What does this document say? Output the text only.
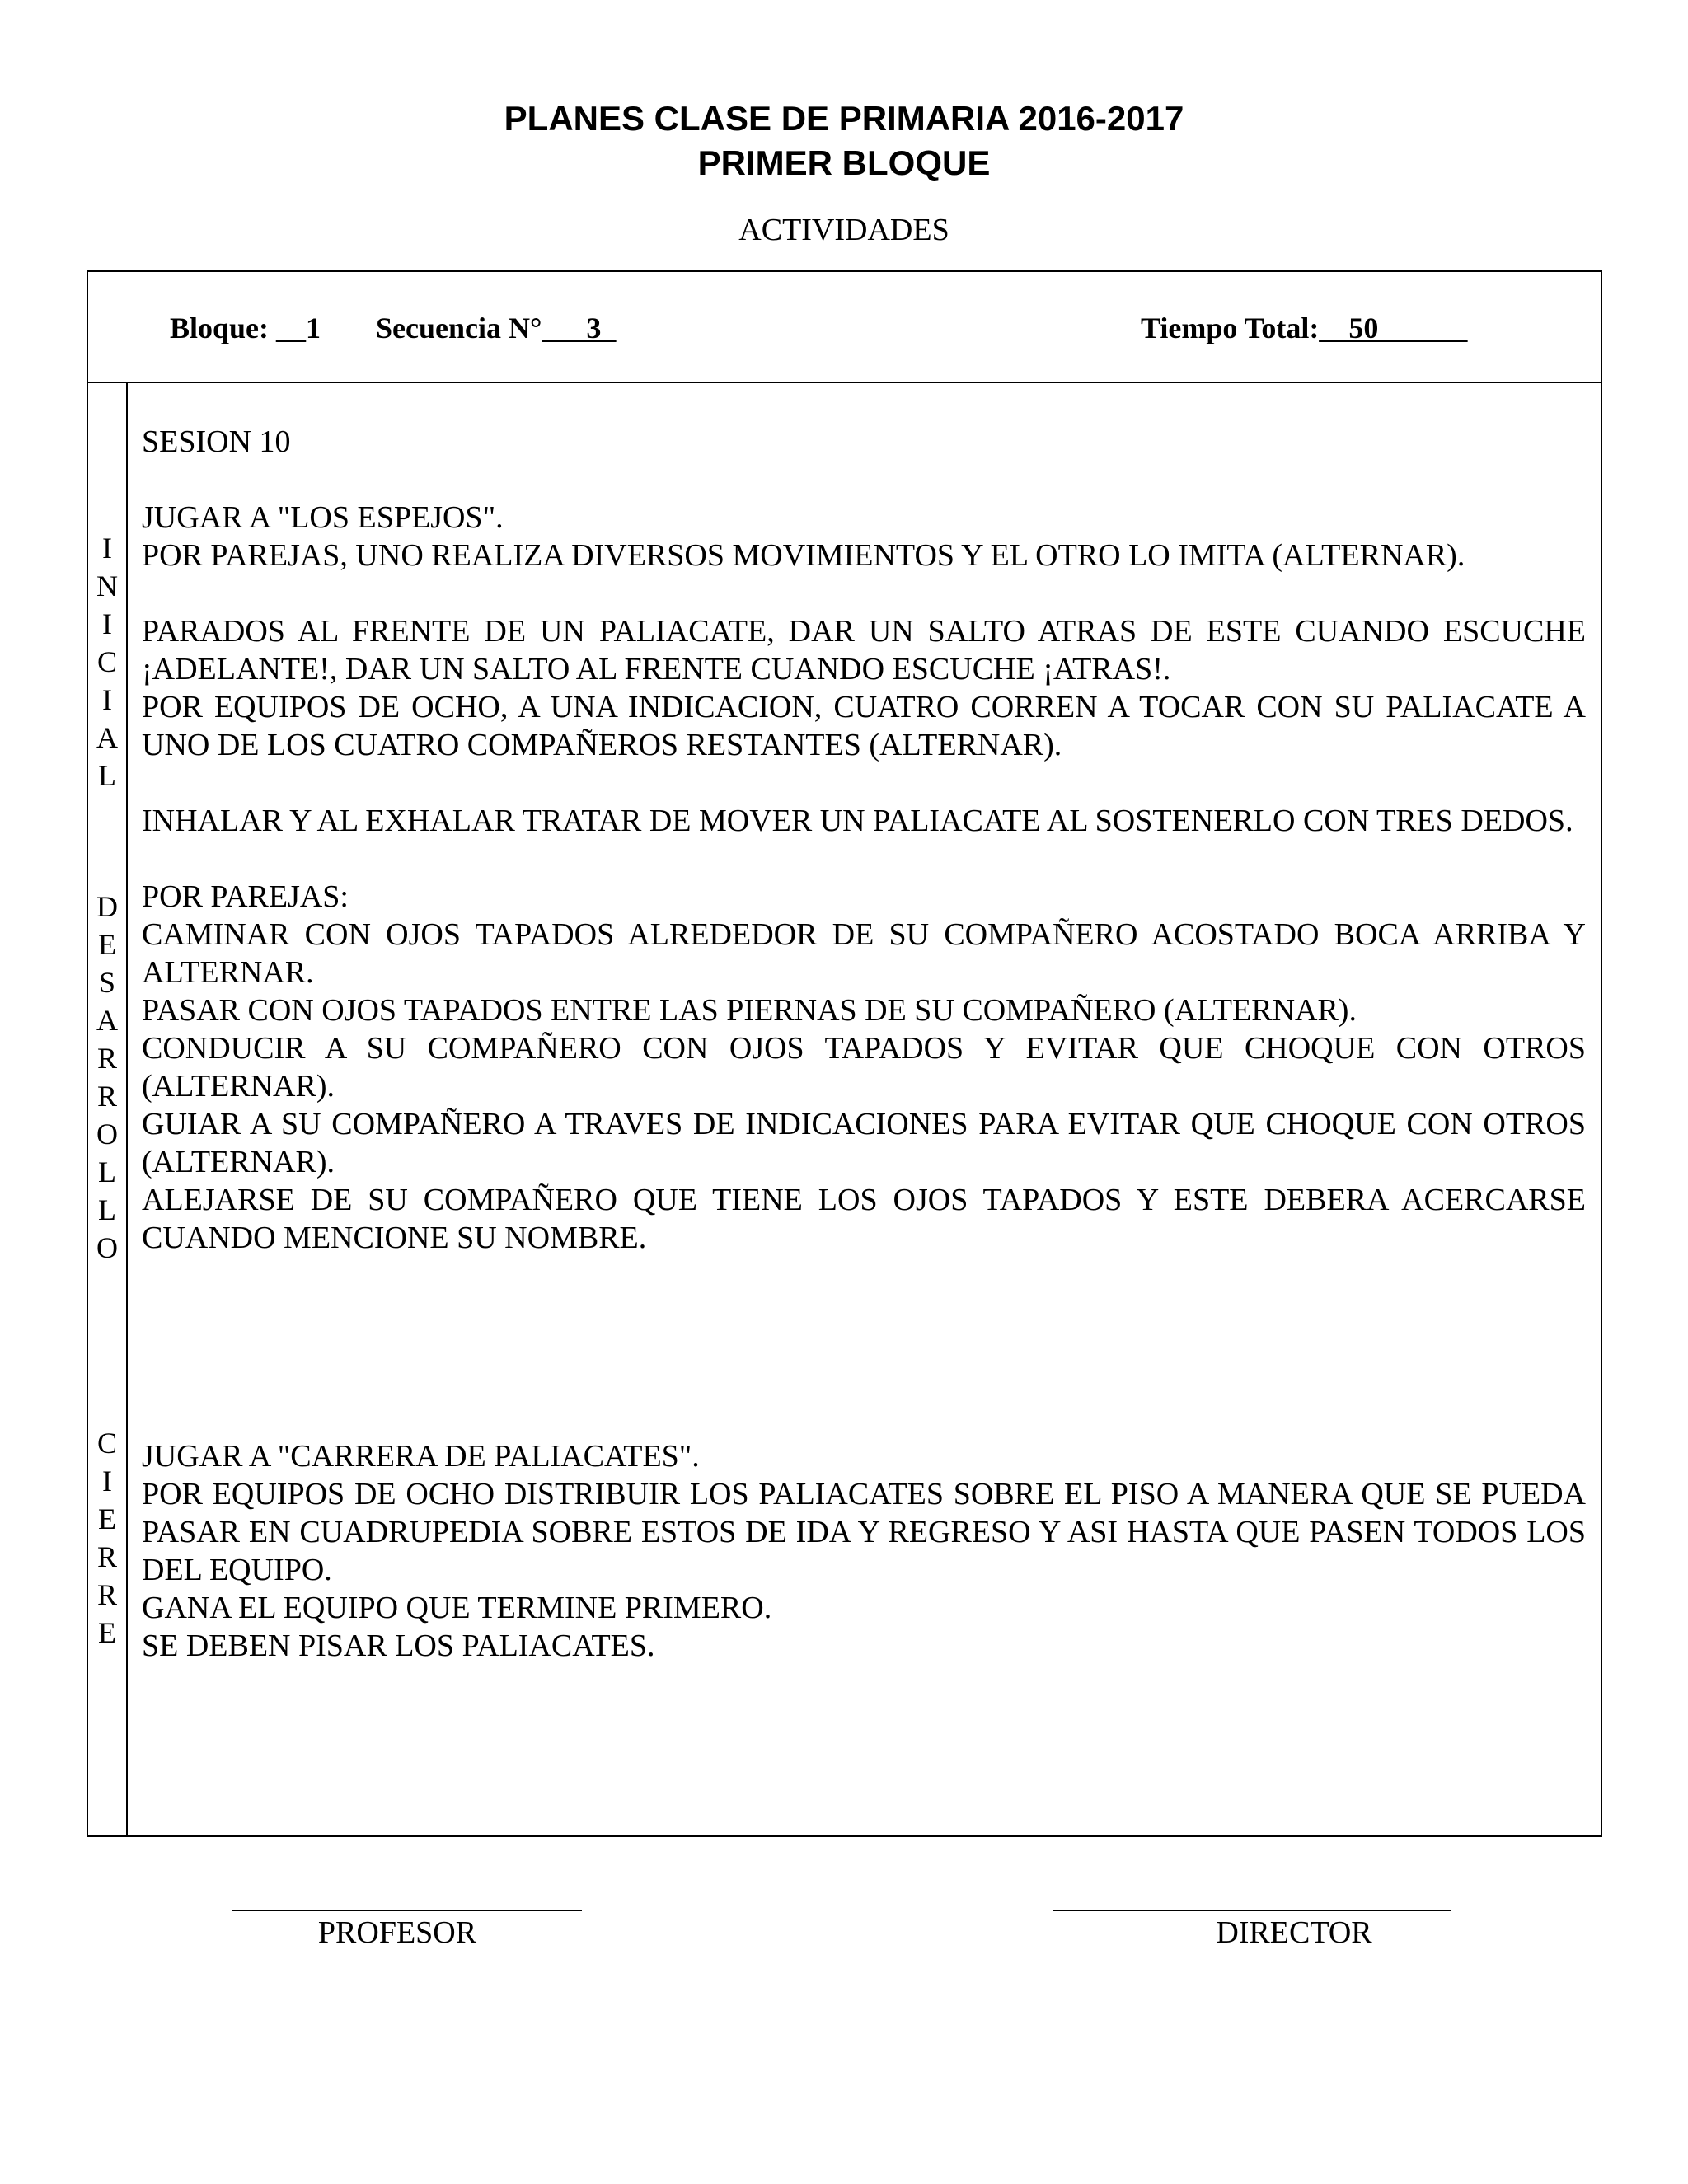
PLANES CLASE DE PRIMARIA 2016-2017
PRIMER BLOQUE
ACTIVIDADES
Bloque: __1 Secuencia N°___3_	Tiempo Total:__50______
I
N
I
C
I
A
L
D
E
S
A
R
R
O
L
L
O
C
I
E
R
R
E

SESION 10

JUGAR A "LOS ESPEJOS".

POR PAREJAS, UNO REALIZA DIVERSOS MOVIMIENTOS Y EL OTRO LO IMITA (ALTERNAR).

PARADOS AL FRENTE DE UN PALIACATE, DAR UN SALTO ATRAS DE ESTE CUANDO ESCUCHE ¡ADELANTE!, DAR UN SALTO AL FRENTE CUANDO ESCUCHE ¡ATRAS!.

POR EQUIPOS DE OCHO, A UNA INDICACION, CUATRO CORREN A TOCAR CON SU PALIACATE A UNO DE LOS CUATRO COMPAÑEROS RESTANTES (ALTERNAR).

INHALAR Y AL EXHALAR TRATAR DE MOVER UN PALIACATE AL SOSTENERLO CON TRES DEDOS.

POR PAREJAS:

CAMINAR CON OJOS TAPADOS ALREDEDOR DE SU COMPAÑERO ACOSTADO BOCA ARRIBA Y ALTERNAR.

PASAR CON OJOS TAPADOS ENTRE LAS PIERNAS DE SU COMPAÑERO (ALTERNAR).

CONDUCIR A SU COMPAÑERO CON OJOS TAPADOS Y EVITAR QUE CHOQUE CON OTROS (ALTERNAR).

GUIAR A SU COMPAÑERO A TRAVES DE INDICACIONES PARA EVITAR QUE CHOQUE CON OTROS (ALTERNAR).

ALEJARSE DE SU COMPAÑERO QUE TIENE LOS OJOS TAPADOS Y ESTE DEBERA ACERCARSE CUANDO MENCIONE SU NOMBRE.

JUGAR A "CARRERA DE PALIACATES".

POR EQUIPOS DE OCHO DISTRIBUIR LOS PALIACATES SOBRE EL PISO A MANERA QUE SE PUEDA PASAR EN CUADRUPEDIA SOBRE ESTOS DE IDA Y REGRESO Y ASI HASTA QUE PASEN TODOS LOS DEL EQUIPO.

GANA EL EQUIPO QUE TERMINE PRIMERO.

SE DEBEN PISAR LOS PALIACATES.

PROFESOR	DIRECTOR
